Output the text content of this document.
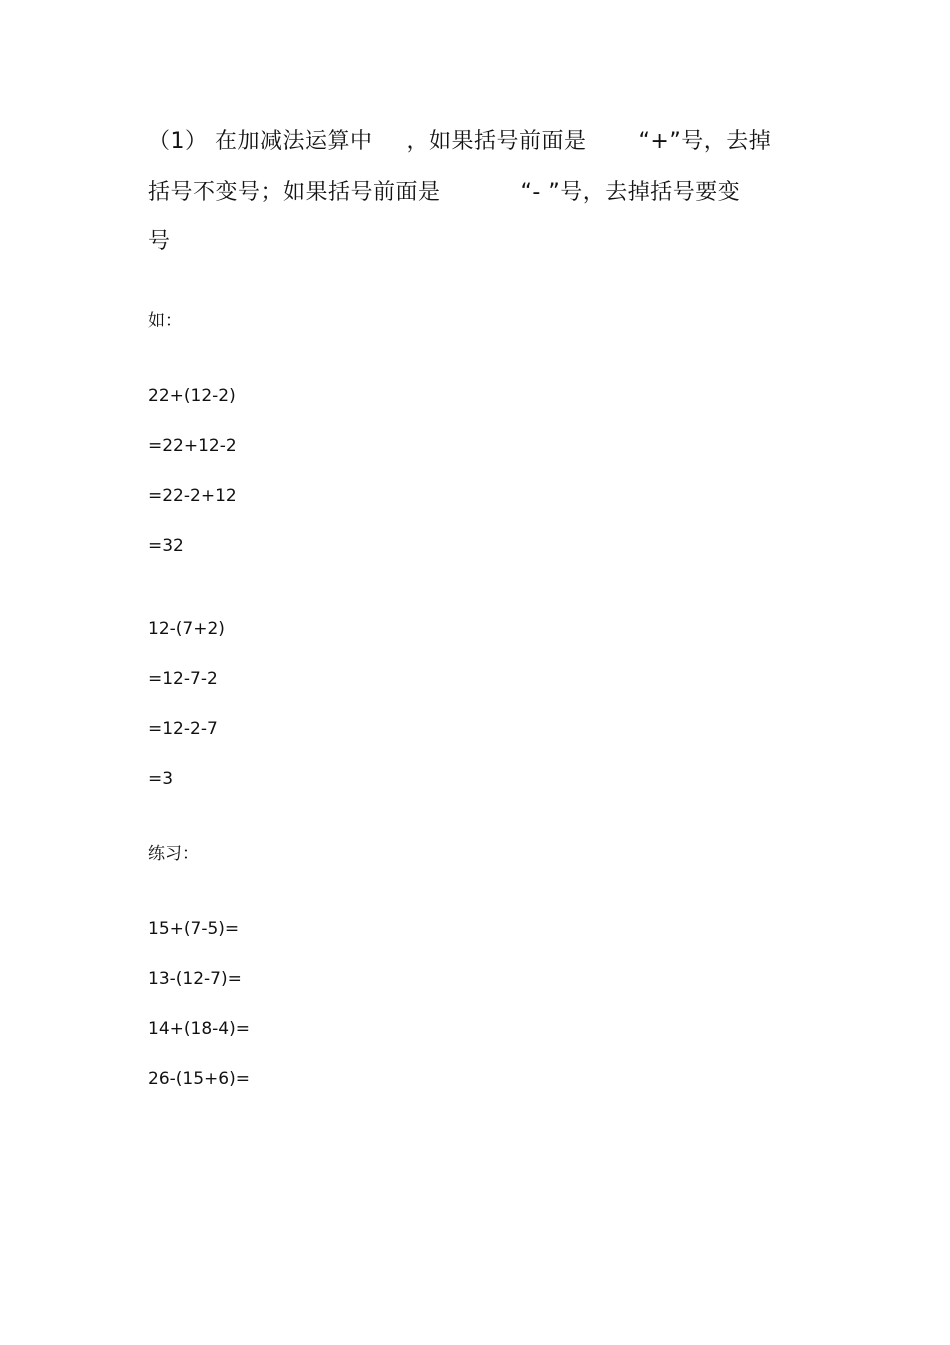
（1） 在加减法运算中 ，如果括号前面是 “+”号，去掉
括号不变号；如果括号前面是	“- ”号，去掉括号要变
号
如：
22+(12-2)
=22+12-2
=22-2+12
=32
12-(7+2)
=12-7-2
=12-2-7
=3
练习：
15+(7-5)=
13-(12-7)=
14+(18-4)=
26-(15+6)=
